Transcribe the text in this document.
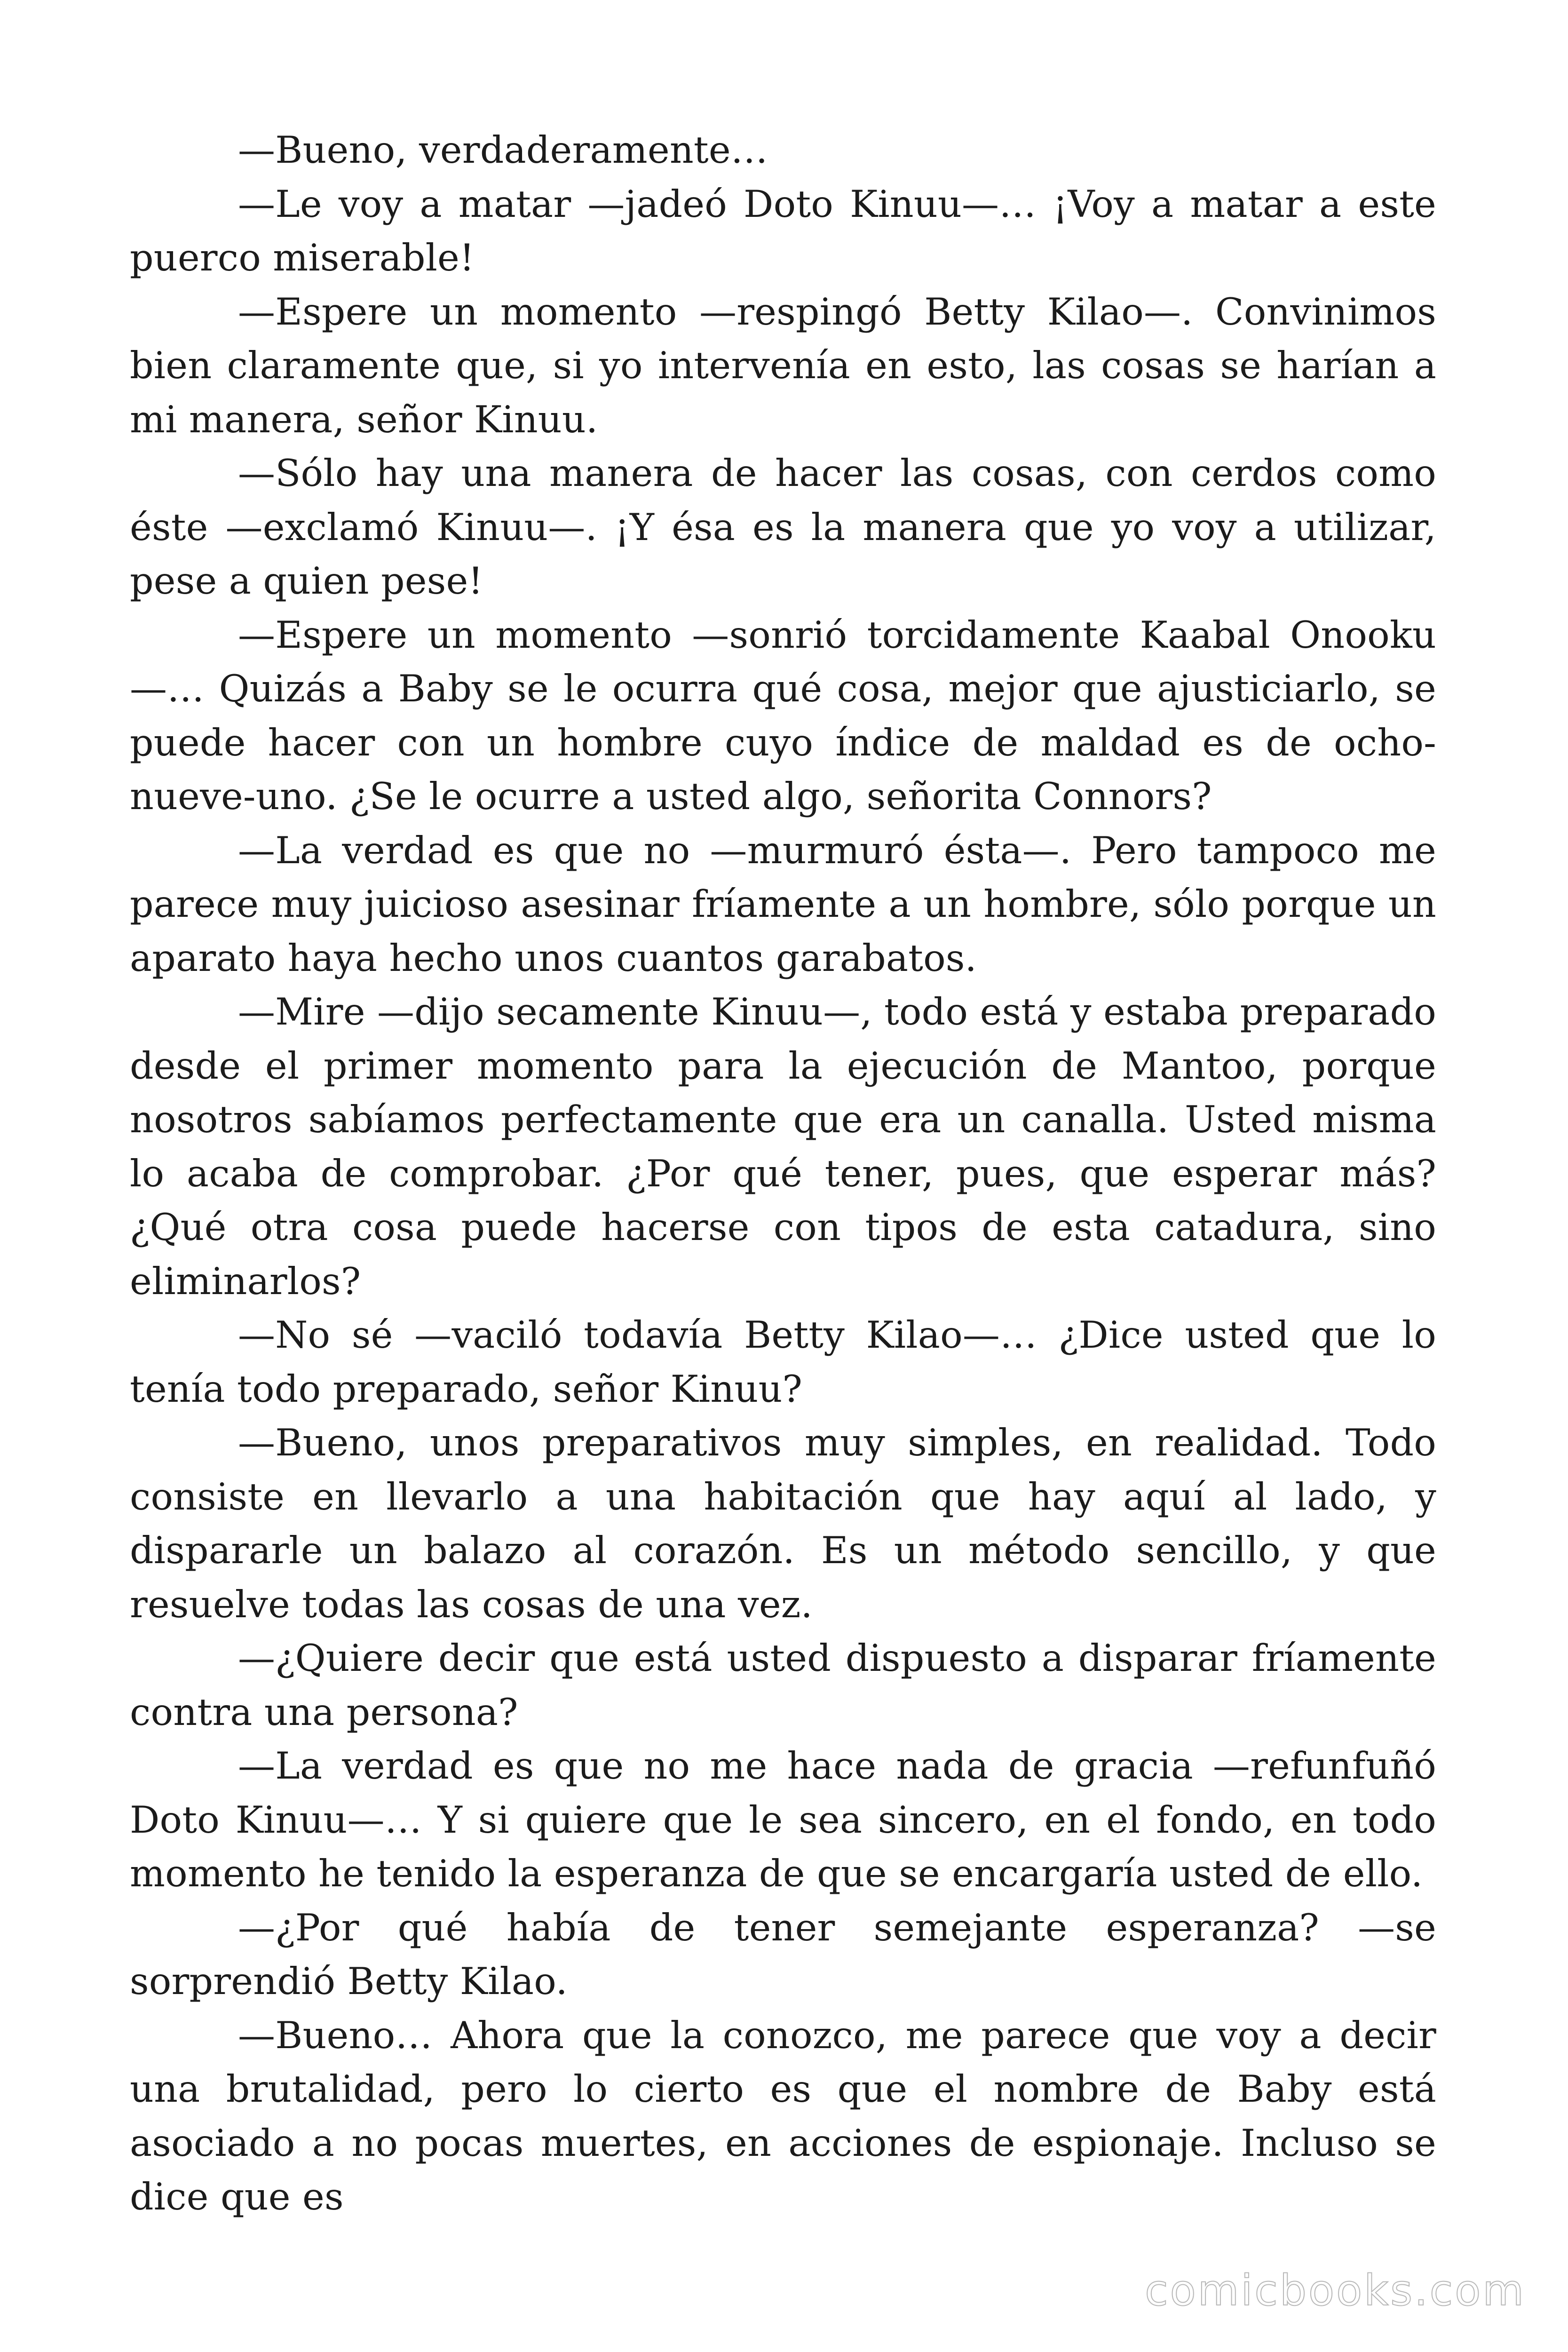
—Bueno, verdaderamente…

—Le voy a matar —jadeó Doto Kinuu—… ¡Voy a matar a este puerco miserable!

—Espere un momento —respingó Betty Kilao—. Convinimos bien claramente que, si yo intervenía en esto, las cosas se harían a mi manera, señor Kinuu.

—Sólo hay una manera de hacer las cosas, con cerdos como éste —exclamó Kinuu—. ¡Y ésa es la manera que yo voy a utilizar, pese a quien pese!

—Espere un momento —sonrió torcidamente Kaabal Onooku—… Quizás a Baby se le ocurra qué cosa, mejor que ajusticiarlo, se puede hacer con un hombre cuyo índice de maldad es de ocho-nueve-uno. ¿Se le ocurre a usted algo, señorita Connors?

—La verdad es que no —murmuró ésta—. Pero tampoco me parece muy juicioso asesinar fríamente a un hombre, sólo porque un aparato haya hecho unos cuantos garabatos.

—Mire —dijo secamente Kinuu—, todo está y estaba preparado desde el primer momento para la ejecución de Mantoo, porque nosotros sabíamos perfectamente que era un canalla. Usted misma lo acaba de comprobar. ¿Por qué tener, pues, que esperar más? ¿Qué otra cosa puede hacerse con tipos de esta catadura, sino eliminarlos?

—No sé —vaciló todavía Betty Kilao—… ¿Dice usted que lo tenía todo preparado, señor Kinuu?

—Bueno, unos preparativos muy simples, en realidad. Todo consiste en llevarlo a una habitación que hay aquí al lado, y dispararle un balazo al corazón. Es un método sencillo, y que resuelve todas las cosas de una vez.

—¿Quiere decir que está usted dispuesto a disparar fríamente contra una persona?

—La verdad es que no me hace nada de gracia —refunfuñó Doto Kinuu—… Y si quiere que le sea sincero, en el fondo, en todo momento he tenido la esperanza de que se encargaría usted de ello.

—¿Por qué había de tener semejante esperanza? —se sorprendió Betty Kilao.

—Bueno… Ahora que la conozco, me parece que voy a decir una brutalidad, pero lo cierto es que el nombre de Baby está asociado a no pocas muertes, en acciones de espionaje. Incluso se dice que es

comicbooks.com
